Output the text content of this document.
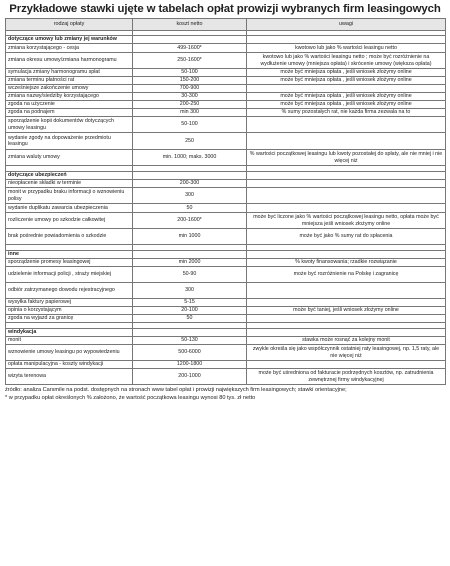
Przykładowe stawki ujęte w tabelach opłat prowizji wybranych firm leasingowych
rodzaj opłaty	koszt netto	uwagi

dotyczące umowy lub zmiany jej warunków		
zmiana korzystającego - cesja	499-1600*	kwotowo lub jako % wartości leasingu netto
zmiana okresu umowy/zmiana harmonogramu	250-1600*	kwotowo lub jako % wartości leasingu netto ; może być rozróżnienie na wydłużenie umowy (mniejsza opłata) i skrócenie umowy (większa opłata)
symulacja zmiany harmonogramu spłat	50-100	może być mniejsza opłata , jeśli wniosek złożymy online
zmiana terminu płatności rat	150-200	może być mniejsza opłata , jeśli wniosek złożymy online
wcześniejsze zakończenie umowy	700-900	
zmiana nazwy/siedziby korzystającego	30-300	może być mniejsza opłata , jeśli wniosek złożymy online
zgoda na użyczenie	200-250	może być mniejsza opłata , jeśli wniosek złożymy online
zgoda na podnajem	min 300	% sumy pozostałych rat, nie każda firma zezwala na to
sporządzenie kopii dokumentów dotyczących umowy leasingu	50-100	
wydanie zgody na dopoważenie przedmiotu leasingu	250	
zmiana waluty umowy	min. 1000; maks. 3000	% wartości początkowej leasingu lub kwoty pozostałej do spłaty, ale nie mniej i nie więcej niż

dotyczące ubezpieczeń		
nieopłacenie składki w terminie	200-300	
monit w przypadku braku informacji o wznowieniu polisy	300	
wydanie duplikatu zawarcia ubezpieczenia	50	
rozliczenie umowy po szkodzie całkowitej	200-1600*	może być liczone jako % wartości początkowej leasingu netto, opłata może być mniejsza jeśli wniosek złożymy online
brak pośrednie powiadomienia o szkodzie	min 1000	może być jako % sumy rat do spłacenia

inne		
sporządzenie promesy leasingowej	min 2000	% kwoty finansowania; rzadkie rozwiązanie
udzielenie informacji policji , straży miejskiej	50-90	może być rozróżnienie na Polskę i zagranicę
odbiór zatrzymanego dowodu rejestracyjnego	300	
wysyłka faktury papierowej	5-15	
opinia o korzystającym	20-100	może być taniej, jeśli wniosek złożymy online
zgoda na wyjazd za granicę	50	

windykacja		
monit	50-130	stawka może rosnąć za kolejny monit
wznowienie umowy leasingu po wypowiedzeniu	500-6000	zwykle określa się jako współczynnik ostatniej raty leasingowej, np. 1,5 raty, ale nie więcej niż
opłata manipulacyjna - koszty windykacji	1200-1800	
wizyta terenowa	200-1000	może być uśredniona od fakturacie podrzędnych kosztów, np. zatrudnienia zewnętrznej firmy windykacyjnej
źródło: analiza Carsmile na podst. dostępnych na stronach www tabel opłat i prowizji największych firm leasingowych; stawki orientacyjne;
* w przypadku opłat określonych % założono, że wartość początkowa leasingu wynosi 80 tys. zł netto
